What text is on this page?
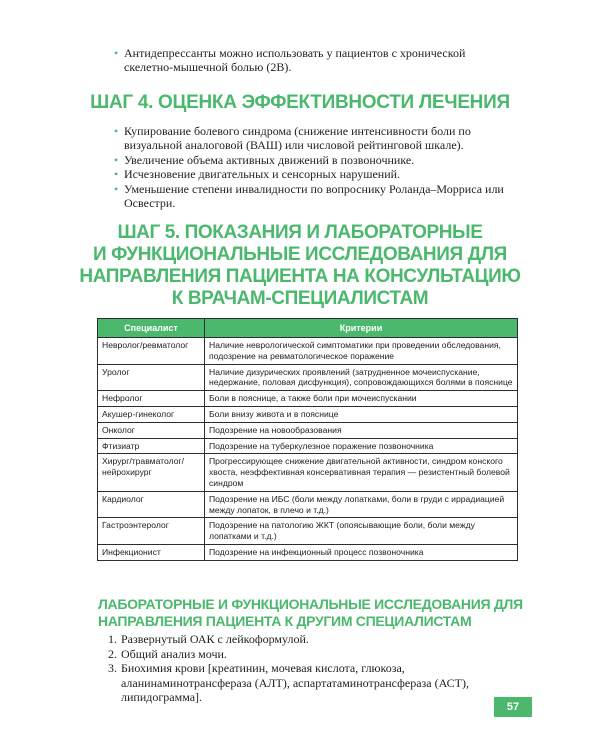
• Антидепрессанты можно использовать у пациентов с хронической скелетно-мышечной болью (2В).
ШАГ 4. ОЦЕНКА ЭФФЕКТИВНОСТИ ЛЕЧЕНИЯ
• Купирование болевого синдрома (снижение интенсивности боли по визуальной аналоговой (ВАШ) или числовой рейтинговой шкале).
• Увеличение объема активных движений в позвоночнике.
• Исчезновение двигательных и сенсорных нарушений.
• Уменьшение степени инвалидности по вопроснику Роланда–Морриса или Освестри.
ШАГ 5. ПОКАЗАНИЯ И ЛАБОРАТОРНЫЕ
И ФУНКЦИОНАЛЬНЫЕ ИССЛЕДОВАНИЯ ДЛЯ
НАПРАВЛЕНИЯ ПАЦИЕНТА НА КОНСУЛЬТАЦИЮ
К ВРАЧАМ-СПЕЦИАЛИСТАМ
Специалист	Критерии
Невролог/ревматолог	Наличие неврологической симптоматики при проведении обследования, подозрение на ревматологическое поражение
Уролог	Наличие дизурических проявлений (затрудненное мочеиспускание, недержание, половая дисфункция), сопровождающихся болями в пояснице
Нефролог	Боли в пояснице, а также боли при мочеиспускании
Акушер-гинеколог	Боли внизу живота и в пояснице
Онколог	Подозрение на новообразования
Фтизиатр	Подозрение на туберкулезное поражение позвоночника
Хирург/травматолог/нейрохирург	Прогрессирующее снижение двигательной активности, синдром конского хвоста, неэффективная консервативная терапия — резистентный болевой синдром
Кардиолог	Подозрение на ИБС (боли между лопатками, боли в груди с иррадиацией между лопаток, в плечо и т.д.)
Гастроэнтеролог	Подозрение на патологию ЖКТ (опоясывающие боли, боли между лопатками и т.д.)
Инфекционист	Подозрение на инфекционный процесс позвоночника
ЛАБОРАТОРНЫЕ И ФУНКЦИОНАЛЬНЫЕ ИССЛЕДОВАНИЯ ДЛЯ
НАПРАВЛЕНИЯ ПАЦИЕНТА К ДРУГИМ СПЕЦИАЛИСТАМ
1. Развернутый ОАК с лейкоформулой.
2. Общий анализ мочи.
3. Биохимия крови [креатинин, мочевая кислота, глюкоза, аланинаминотрансфераза (АЛТ), аспартатаминотрансфераза (АСТ), липидограмма].
57
